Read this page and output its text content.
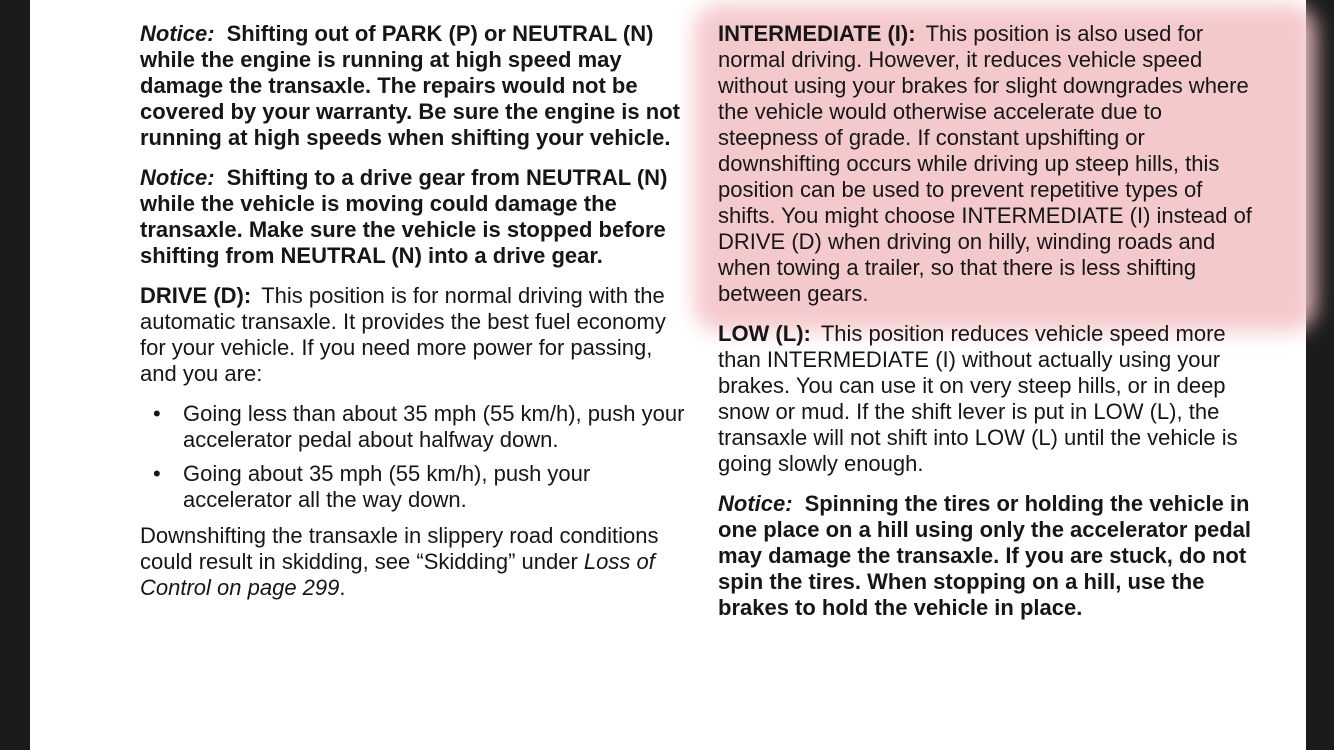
Notice: Shifting out of PARK (P) or NEUTRAL (N) while the engine is running at high speed may damage the transaxle. The repairs would not be covered by your warranty. Be sure the engine is not running at high speeds when shifting your vehicle.

Notice: Shifting to a drive gear from NEUTRAL (N) while the vehicle is moving could damage the transaxle. Make sure the vehicle is stopped before shifting from NEUTRAL (N) into a drive gear.

DRIVE (D): This position is for normal driving with the automatic transaxle. It provides the best fuel economy for your vehicle. If you need more power for passing, and you are:

• Going less than about 35 mph (55 km/h), push your accelerator pedal about halfway down.
• Going about 35 mph (55 km/h), push your accelerator all the way down.

Downshifting the transaxle in slippery road conditions could result in skidding, see “Skidding” under Loss of Control on page 299.

INTERMEDIATE (I): This position is also used for normal driving. However, it reduces vehicle speed without using your brakes for slight downgrades where the vehicle would otherwise accelerate due to steepness of grade. If constant upshifting or downshifting occurs while driving up steep hills, this position can be used to prevent repetitive types of shifts. You might choose INTERMEDIATE (I) instead of DRIVE (D) when driving on hilly, winding roads and when towing a trailer, so that there is less shifting between gears.

LOW (L): This position reduces vehicle speed more than INTERMEDIATE (I) without actually using your brakes. You can use it on very steep hills, or in deep snow or mud. If the shift lever is put in LOW (L), the transaxle will not shift into LOW (L) until the vehicle is going slowly enough.

Notice: Spinning the tires or holding the vehicle in one place on a hill using only the accelerator pedal may damage the transaxle. If you are stuck, do not spin the tires. When stopping on a hill, use the brakes to hold the vehicle in place.
